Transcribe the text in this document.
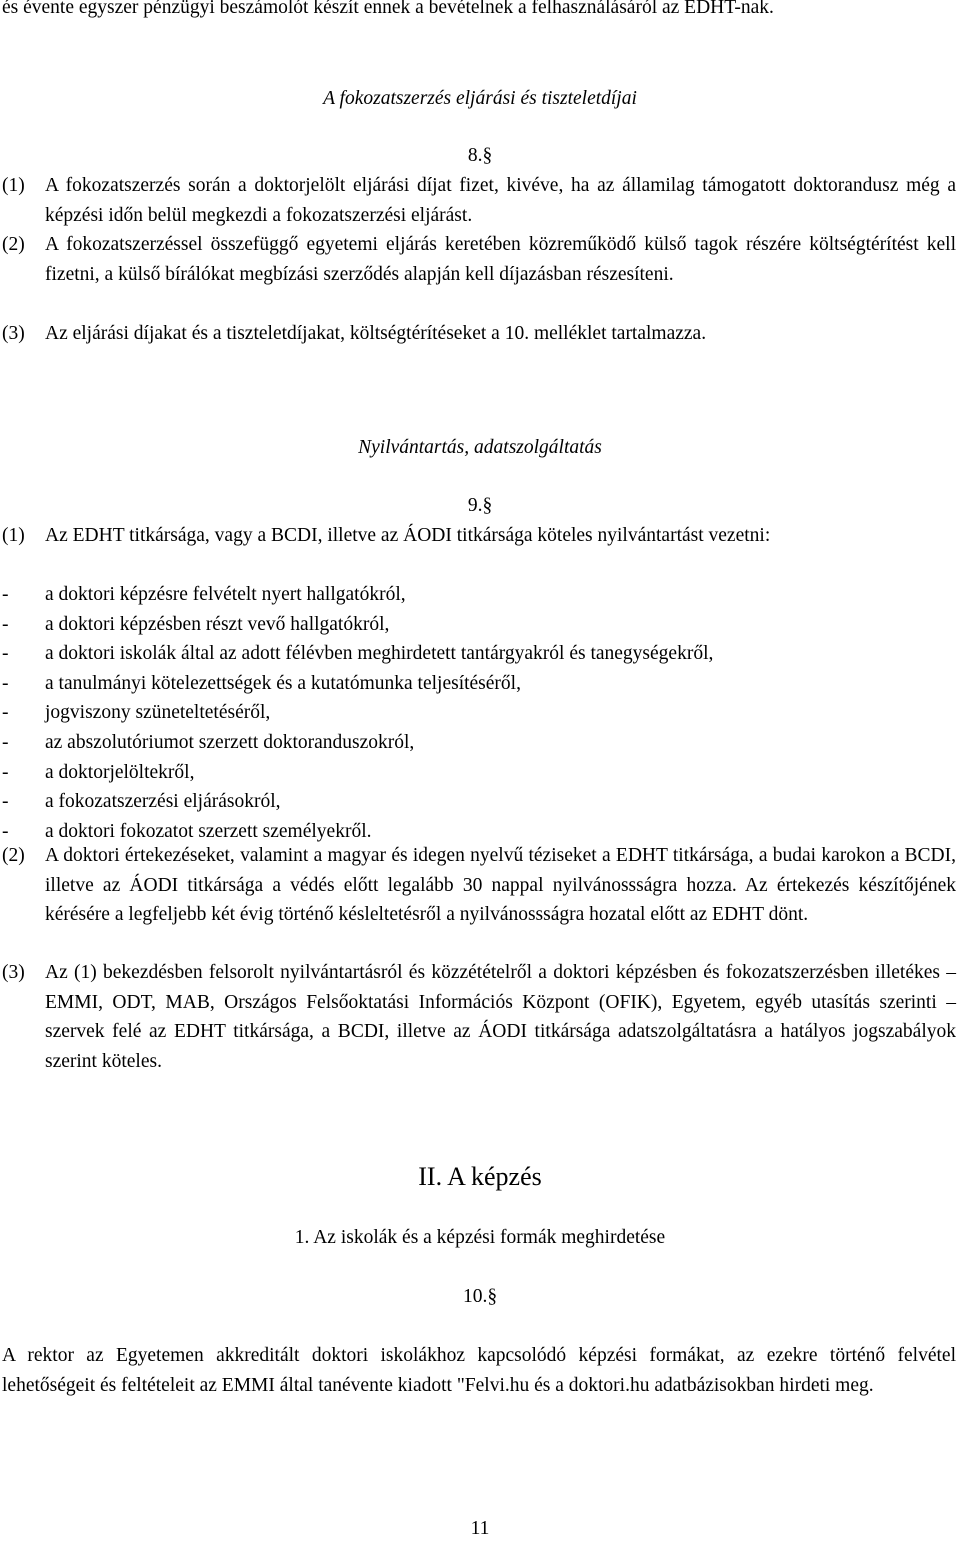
és évente egyszer pénzügyi beszámolót készít ennek a bevételnek a felhasználásáról az EDHT-nak.

A fokozatszerzés eljárási és tiszteletdíjai

8.§

(1) A fokozatszerzés során a doktorjelölt eljárási díjat fizet, kivéve, ha az államilag támogatott doktorandusz még a képzési időn belül megkezdi a fokozatszerzési eljárást.
(2) A fokozatszerzéssel összefüggő egyetemi eljárás keretében közreműködő külső tagok részére költségtérítést kell fizetni, a külső bírálókat megbízási szerződés alapján kell díjazásban részesíteni.
(3) Az eljárási díjakat és a tiszteletdíjakat, költségtérítéseket a 10. melléklet tartalmazza.

Nyilvántartás, adatszolgáltatás

9.§

(1) Az EDHT titkársága, vagy a BCDI, illetve az ÁODI titkársága köteles nyilvántartást vezetni:
- a doktori képzésre felvételt nyert hallgatókról,
- a doktori képzésben részt vevő hallgatókról,
- a doktori iskolák által az adott félévben meghirdetett tantárgyakról és tanegységekről,
- a tanulmányi kötelezettségek és a kutatómunka teljesítéséről,
- jogviszony szüneteltetéséről,
- az abszolutóriumot szerzett doktoranduszokról,
- a doktorjelöltekről,
- a fokozatszerzési eljárásokról,
- a doktori fokozatot szerzett személyekről.
(2) A doktori értekezéseket, valamint a magyar és idegen nyelvű téziseket a EDHT titkársága, a budai karokon a BCDI, illetve az ÁODI titkársága a védés előtt legalább 30 nappal nyilvánossságra hozza. Az értekezés készítőjének kérésére a legfeljebb két évig történő késleltetésről a nyilvánossságra hozatal előtt az EDHT dönt.
(3) Az (1) bekezdésben felsorolt nyilvántartásról és közzétételről a doktori képzésben és fokozatszerzésben illetékes – EMMI, ODT, MAB, Országos Felsőoktatási Információs Központ (OFIK), Egyetem, egyéb utasítás szerinti – szervek felé az EDHT titkársága, a BCDI, illetve az ÁODI titkársága adatszolgáltatásra a hatályos jogszabályok szerint köteles.

II. A képzés

1. Az iskolák és a képzési formák meghirdetése

10.§

A rektor az Egyetemen akkreditált doktori iskolákhoz kapcsolódó képzési formákat, az ezekre történő felvétel lehetőségeit és feltételeit az EMMI által tanévente kiadott "Felvi.hu és a doktori.hu adatbázisokban hirdeti meg.

11
